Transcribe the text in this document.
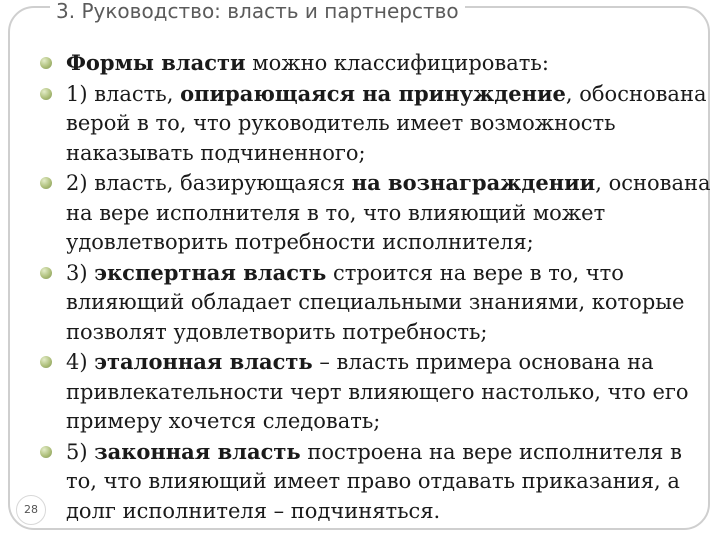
3. Руководство: власть и партнерство
Формы власти можно классифицировать:
1) власть, опирающаяся на принуждение, обоснована верой в то, что руководитель имеет возможность наказывать подчиненного;
2) власть, базирующаяся на вознаграждении, основана на вере исполнителя в то, что влияющий может удовлетворить потребности исполнителя;
3) экспертная власть строится на вере в то, что влияющий обладает специальными знаниями, которые позволят удовлетворить потребность;
4) эталонная власть – власть примера основана на привлекательности черт влияющего настолько, что его примеру хочется следовать;
5) законная власть построена на вере исполнителя в то, что влияющий имеет право отдавать приказания, а долг исполнителя – подчиняться.
28
